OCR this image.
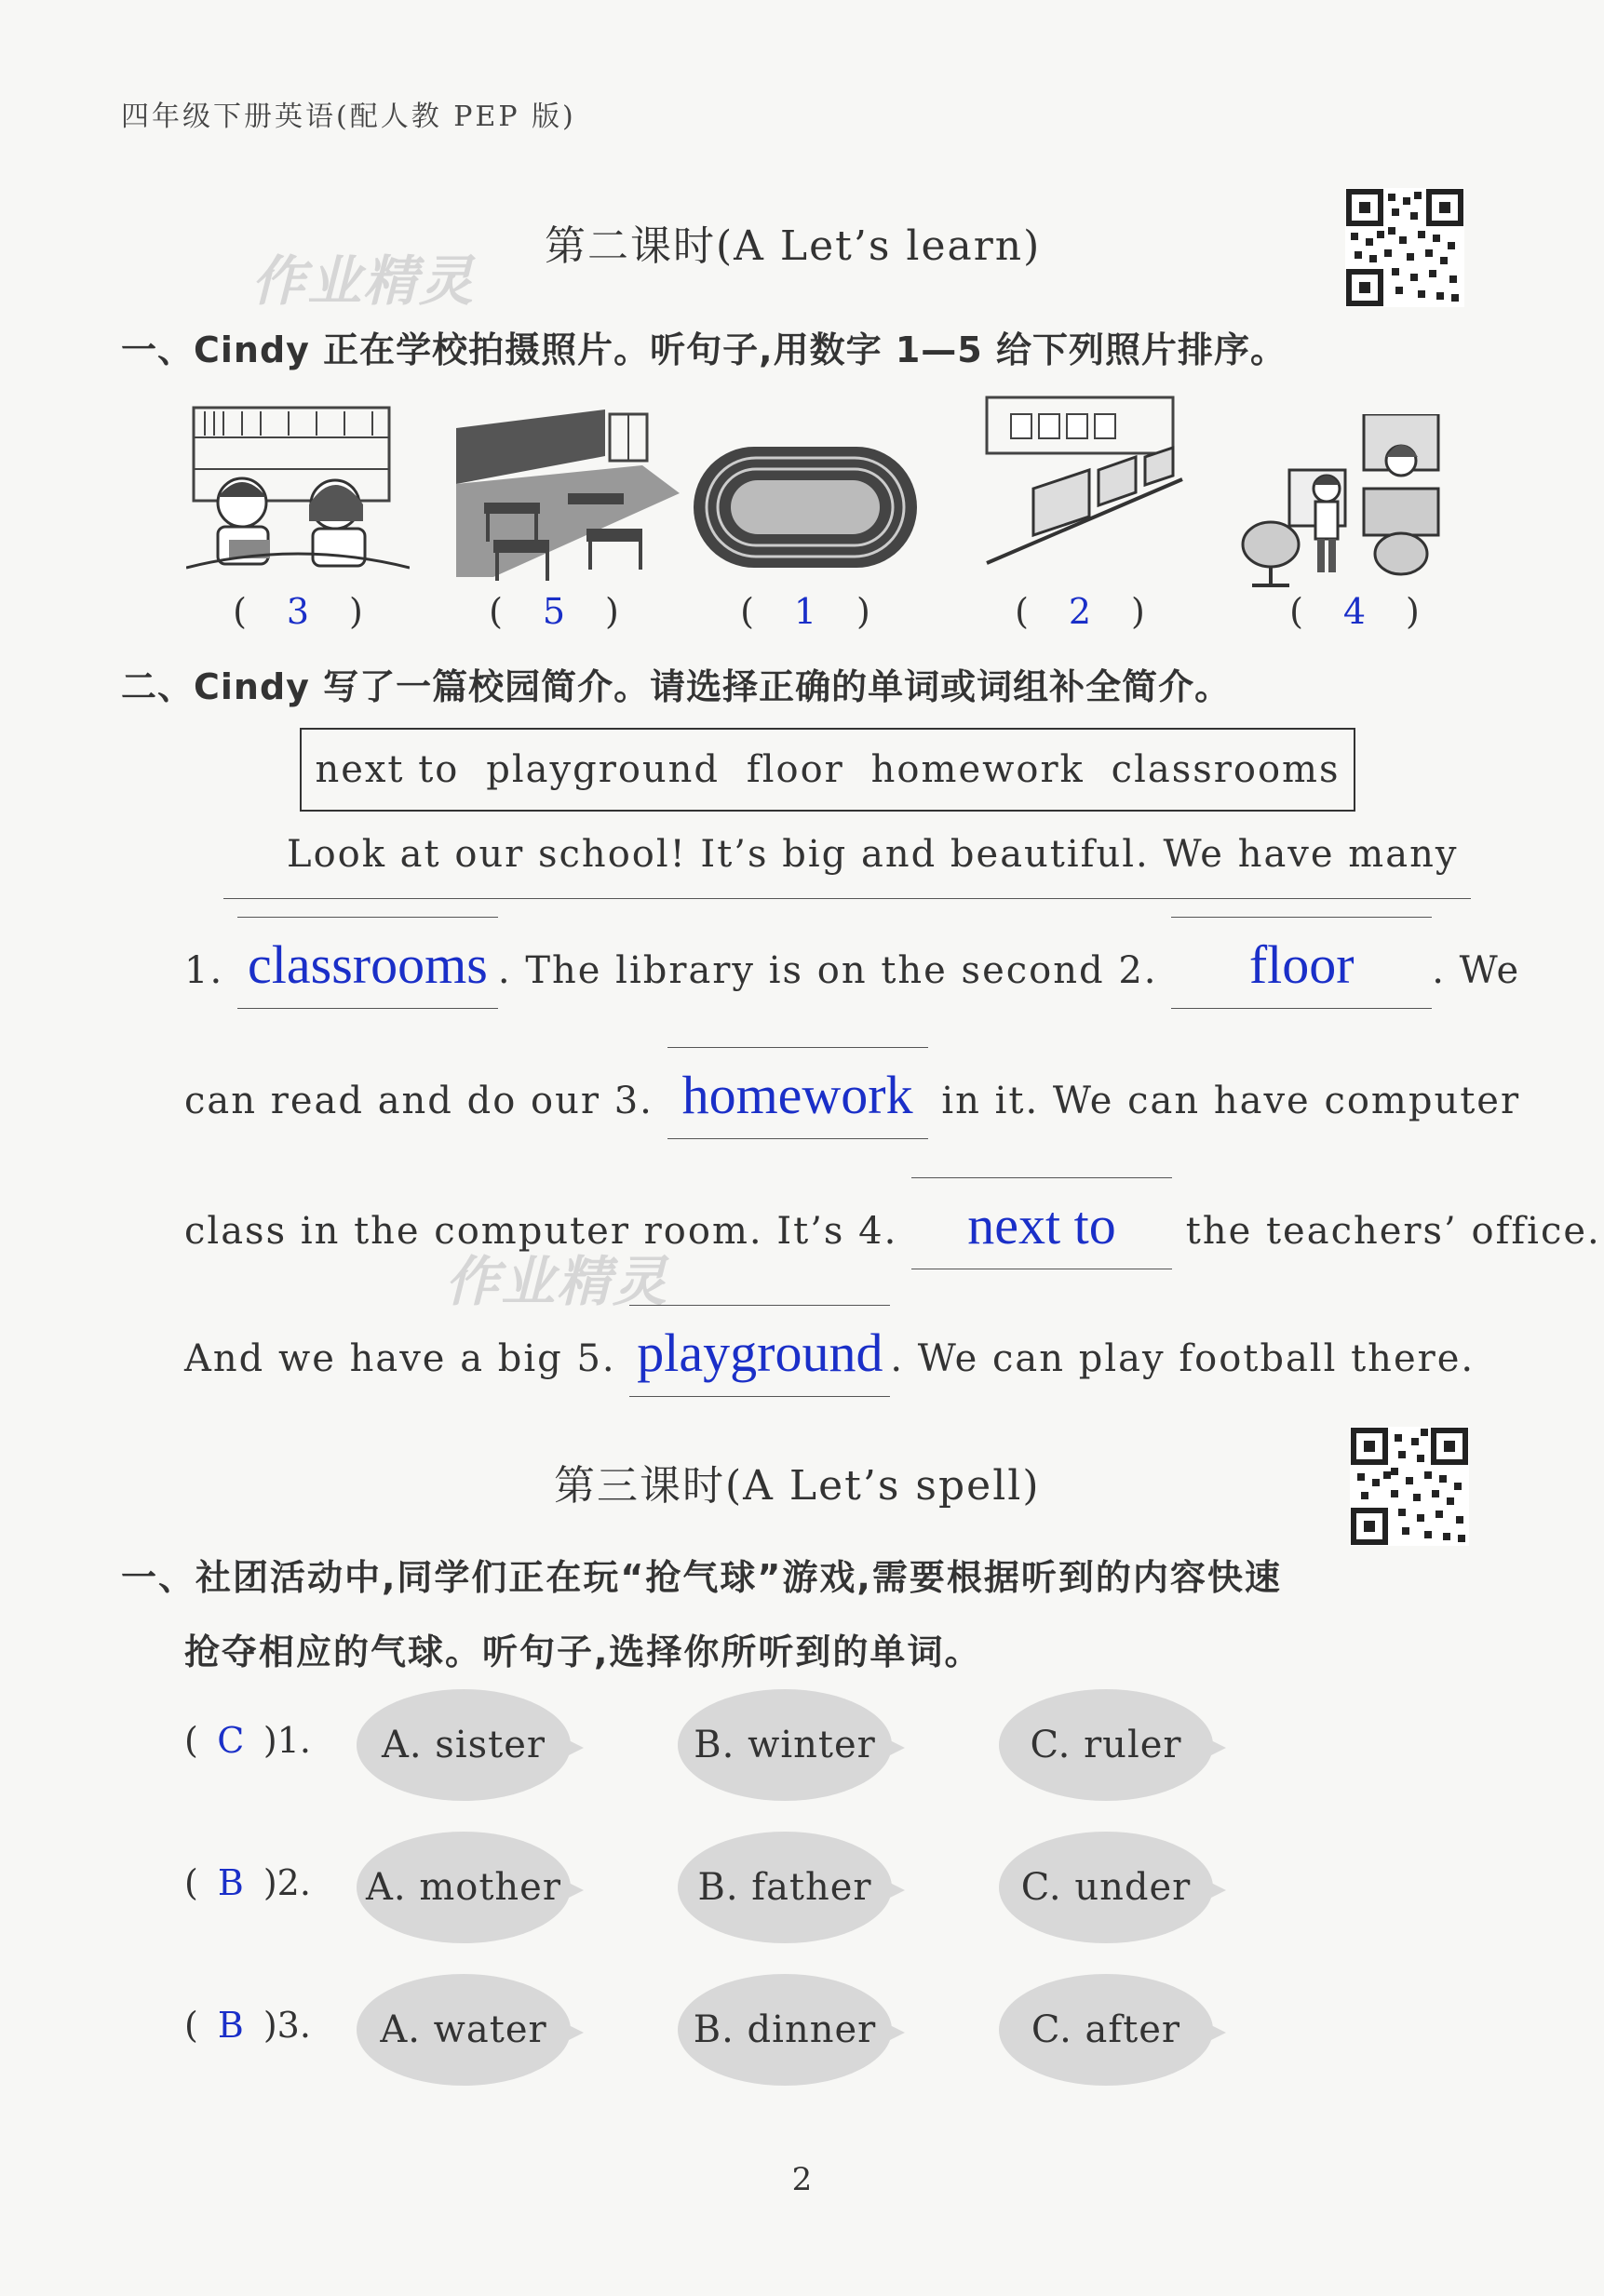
四年级下册英语(配人教 PEP 版)
作业精灵
第二课时(A Let’s learn)
一、Cindy 正在学校拍摄照片。听句子,用数字 1—5 给下列照片排序。
( 3 )	( 5 )	( 1 )	( 2 )	( 4 )
二、Cindy 写了一篇校园简介。请选择正确的单词或词组补全简介。
next to playground floor homework classrooms
Look at our school! It’s big and beautiful. We have many
1. classrooms . The library is on the second 2. floor . We
can read and do our 3. homework in it. We can have computer
class in the computer room. It’s 4. next to the teachers’ office.
作业精灵
And we have a big 5. playground . We can play football there.
第三课时(A Let’s spell)
一、社团活动中,同学们正在玩“抢气球”游戏,需要根据听到的内容快速
抢夺相应的气球。听句子,选择你所听到的单词。
( C )1. A. sister	B. winter	C. ruler
( B )2. A. mother	B. father	C. under
( B )3. A. water	B. dinner	C. after
2
